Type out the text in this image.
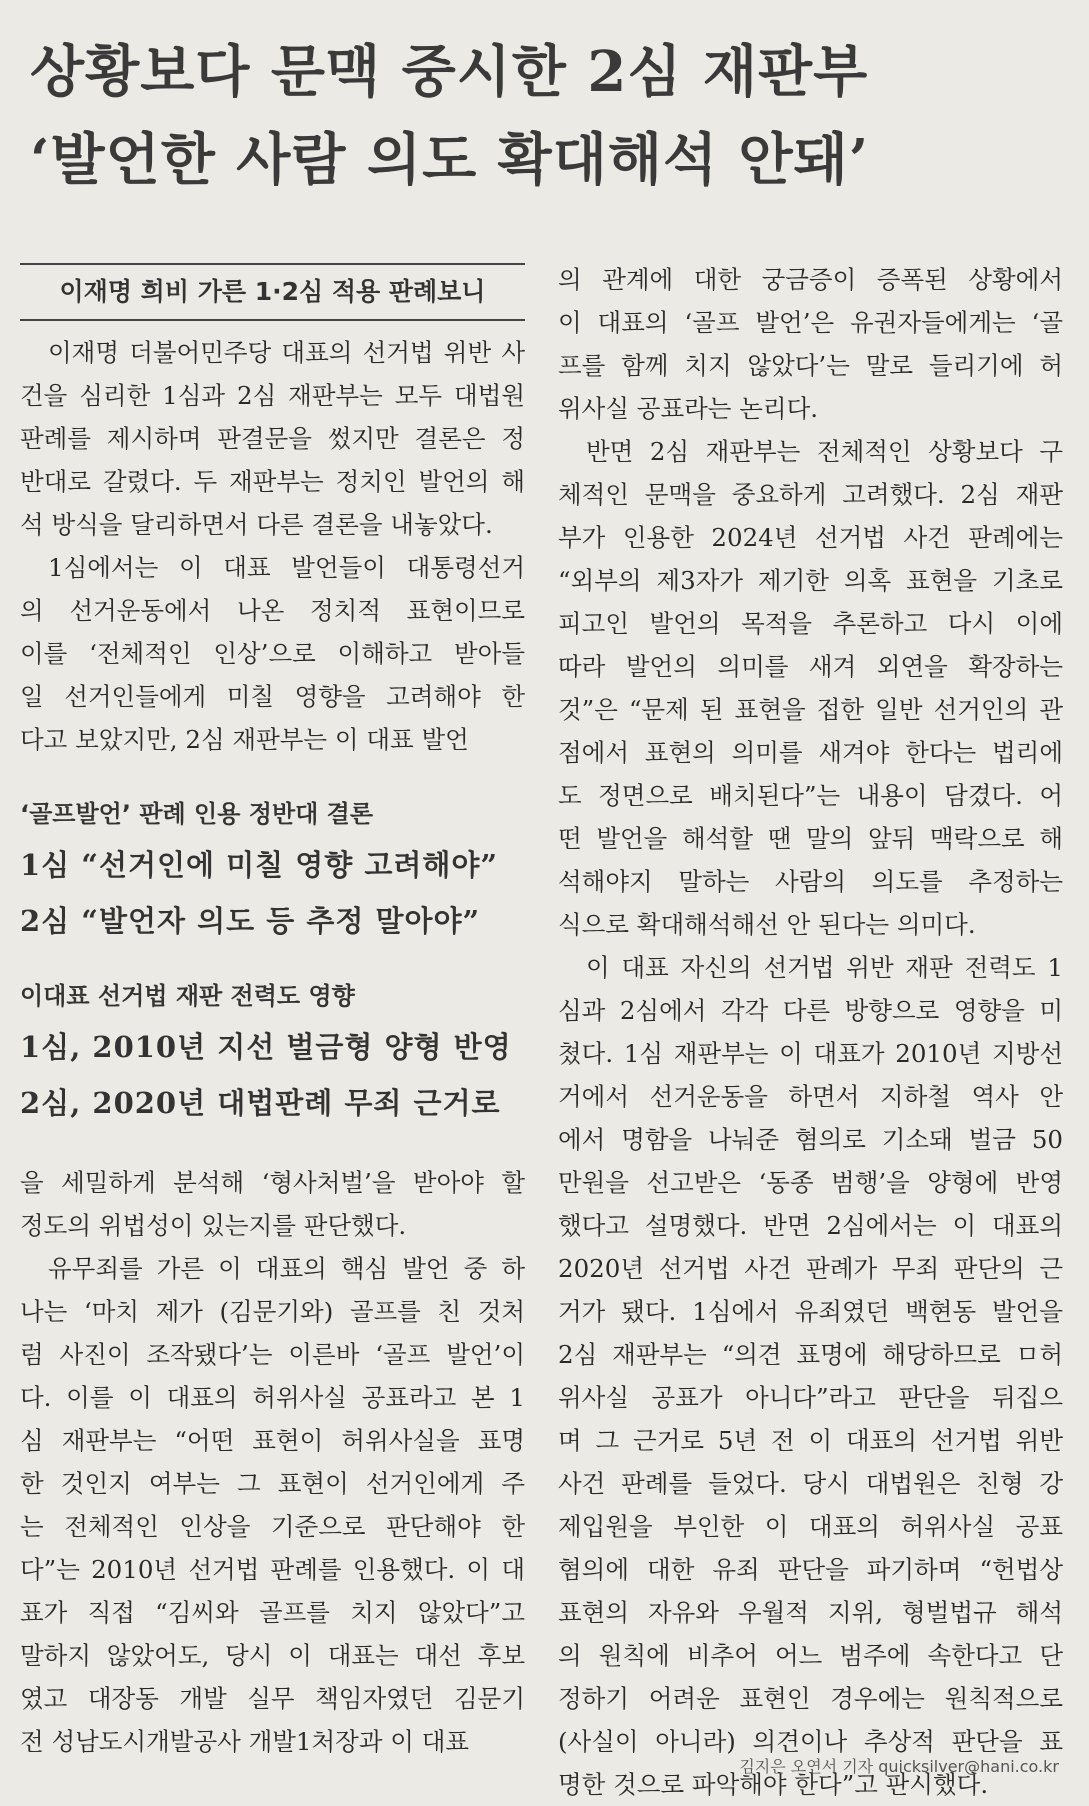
상황보다 문맥 중시한 2심 재판부
‘발언한 사람 의도 확대해석 안돼’
이재명 희비 가른 1·2심 적용 판례보니
이재명 더불어민주당 대표의 선거법 위반 사
건을 심리한 1심과 2심 재판부는 모두 대법원
판례를 제시하며 판결문을 썼지만 결론은 정
반대로 갈렸다. 두 재판부는 정치인 발언의 해
석 방식을 달리하면서 다른 결론을 내놓았다.
1심에서는 이 대표 발언들이 대통령선거
의 선거운동에서 나온 정치적 표현이므로
이를 ‘전체적인 인상’으로 이해하고 받아들
일 선거인들에게 미칠 영향을 고려해야 한
다고 보았지만, 2심 재판부는 이 대표 발언
‘골프발언’ 판례 인용 정반대 결론
1심 “선거인에 미칠 영향 고려해야”
2심 “발언자 의도 등 추정 말아야”
이대표 선거법 재판 전력도 영향
1심, 2010년 지선 벌금형 양형 반영
2심, 2020년 대법판례 무죄 근거로
을 세밀하게 분석해 ‘형사처벌’을 받아야 할
정도의 위법성이 있는지를 판단했다.
유무죄를 가른 이 대표의 핵심 발언 중 하
나는 ‘마치 제가 (김문기와) 골프를 친 것처
럼 사진이 조작됐다’는 이른바 ‘골프 발언’이
다. 이를 이 대표의 허위사실 공표라고 본 1
심 재판부는 “어떤 표현이 허위사실을 표명
한 것인지 여부는 그 표현이 선거인에게 주
는 전체적인 인상을 기준으로 판단해야 한
다”는 2010년 선거법 판례를 인용했다. 이 대
표가 직접 “김씨와 골프를 치지 않았다”고
말하지 않았어도, 당시 이 대표는 대선 후보
였고 대장동 개발 실무 책임자였던 김문기
전 성남도시개발공사 개발1처장과 이 대표
의 관계에 대한 궁금증이 증폭된 상황에서
이 대표의 ‘골프 발언’은 유권자들에게는 ‘골
프를 함께 치지 않았다’는 말로 들리기에 허
위사실 공표라는 논리다.
반면 2심 재판부는 전체적인 상황보다 구
체적인 문맥을 중요하게 고려했다. 2심 재판
부가 인용한 2024년 선거법 사건 판례에는
“외부의 제3자가 제기한 의혹 표현을 기초로
피고인 발언의 목적을 추론하고 다시 이에
따라 발언의 의미를 새겨 외연을 확장하는
것”은 “문제 된 표현을 접한 일반 선거인의 관
점에서 표현의 의미를 새겨야 한다는 법리에
도 정면으로 배치된다”는 내용이 담겼다. 어
떤 발언을 해석할 땐 말의 앞뒤 맥락으로 해
석해야지 말하는 사람의 의도를 추정하는
식으로 확대해석해선 안 된다는 의미다.
이 대표 자신의 선거법 위반 재판 전력도 1
심과 2심에서 각각 다른 방향으로 영향을 미
쳤다. 1심 재판부는 이 대표가 2010년 지방선
거에서 선거운동을 하면서 지하철 역사 안
에서 명함을 나눠준 혐의로 기소돼 벌금 50
만원을 선고받은 ‘동종 범행’을 양형에 반영
했다고 설명했다. 반면 2심에서는 이 대표의
2020년 선거법 사건 판례가 무죄 판단의 근
거가 됐다. 1심에서 유죄였던 백현동 발언을
2심 재판부는 “의견 표명에 해당하므로 ㅁ허
위사실 공표가 아니다”라고 판단을 뒤집으
며 그 근거로 5년 전 이 대표의 선거법 위반
사건 판례를 들었다. 당시 대법원은 친형 강
제입원을 부인한 이 대표의 허위사실 공표
혐의에 대한 유죄 판단을 파기하며 “헌법상
표현의 자유와 우월적 지위, 형벌법규 해석
의 원칙에 비추어 어느 범주에 속한다고 단
정하기 어려운 표현인 경우에는 원칙적으로
(사실이 아니라) 의견이나 추상적 판단을 표
명한 것으로 파악해야 한다”고 판시했다.
김지은 오연서 기자 quicksilver@hani.co.kr
